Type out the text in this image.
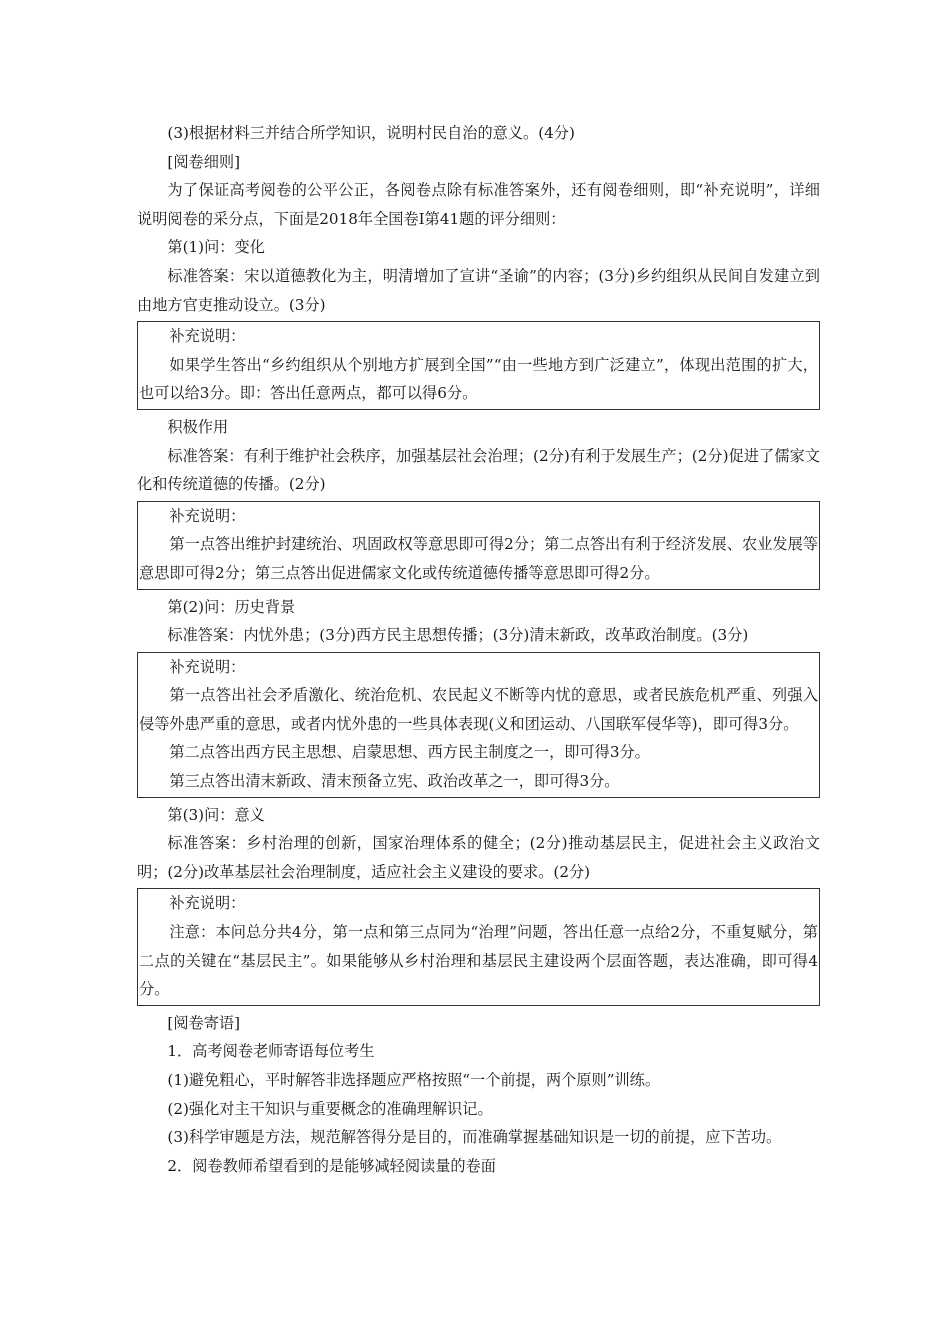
(3)根据材料三并结合所学知识，说明村民自治的意义。(4分)

[阅卷细则]

为了保证高考阅卷的公平公正，各阅卷点除有标准答案外，还有阅卷细则，即“补充说明”，详细说明阅卷的采分点，下面是2018年全国卷Ⅰ第41题的评分细则：

第(1)问：变化

标准答案：宋以道德教化为主，明清增加了宣讲“圣谕”的内容；(3分)乡约组织从民间自发建立到由地方官吏推动设立。(3分)

补充说明：

如果学生答出“乡约组织从个别地方扩展到全国”“由一些地方到广泛建立”，体现出范围的扩大，也可以给3分。即：答出任意两点，都可以得6分。

积极作用

标准答案：有利于维护社会秩序，加强基层社会治理；(2分)有利于发展生产；(2分)促进了儒家文化和传统道德的传播。(2分)

补充说明：

第一点答出维护封建统治、巩固政权等意思即可得2分；第二点答出有利于经济发展、农业发展等意思即可得2分；第三点答出促进儒家文化或传统道德传播等意思即可得2分。

第(2)问：历史背景

标准答案：内忧外患；(3分)西方民主思想传播；(3分)清末新政，改革政治制度。(3分)

补充说明：

第一点答出社会矛盾激化、统治危机、农民起义不断等内忧的意思，或者民族危机严重、列强入侵等外患严重的意思，或者内忧外患的一些具体表现(义和团运动、八国联军侵华等)，即可得3分。

第二点答出西方民主思想、启蒙思想、西方民主制度之一，即可得3分。

第三点答出清末新政、清末预备立宪、政治改革之一，即可得3分。

第(3)问：意义

标准答案：乡村治理的创新，国家治理体系的健全；(2分)推动基层民主，促进社会主义政治文明；(2分)改革基层社会治理制度，适应社会主义建设的要求。(2分)

补充说明：

注意：本问总分共4分，第一点和第三点同为“治理”问题，答出任意一点给2分，不重复赋分，第二点的关键在“基层民主”。如果能够从乡村治理和基层民主建设两个层面答题，表达准确，即可得4分。

[阅卷寄语]

1．高考阅卷老师寄语每位考生

(1)避免粗心，平时解答非选择题应严格按照“一个前提，两个原则”训练。

(2)强化对主干知识与重要概念的准确理解识记。

(3)科学审题是方法，规范解答得分是目的，而准确掌握基础知识是一切的前提，应下苦功。

2．阅卷教师希望看到的是能够减轻阅读量的卷面
